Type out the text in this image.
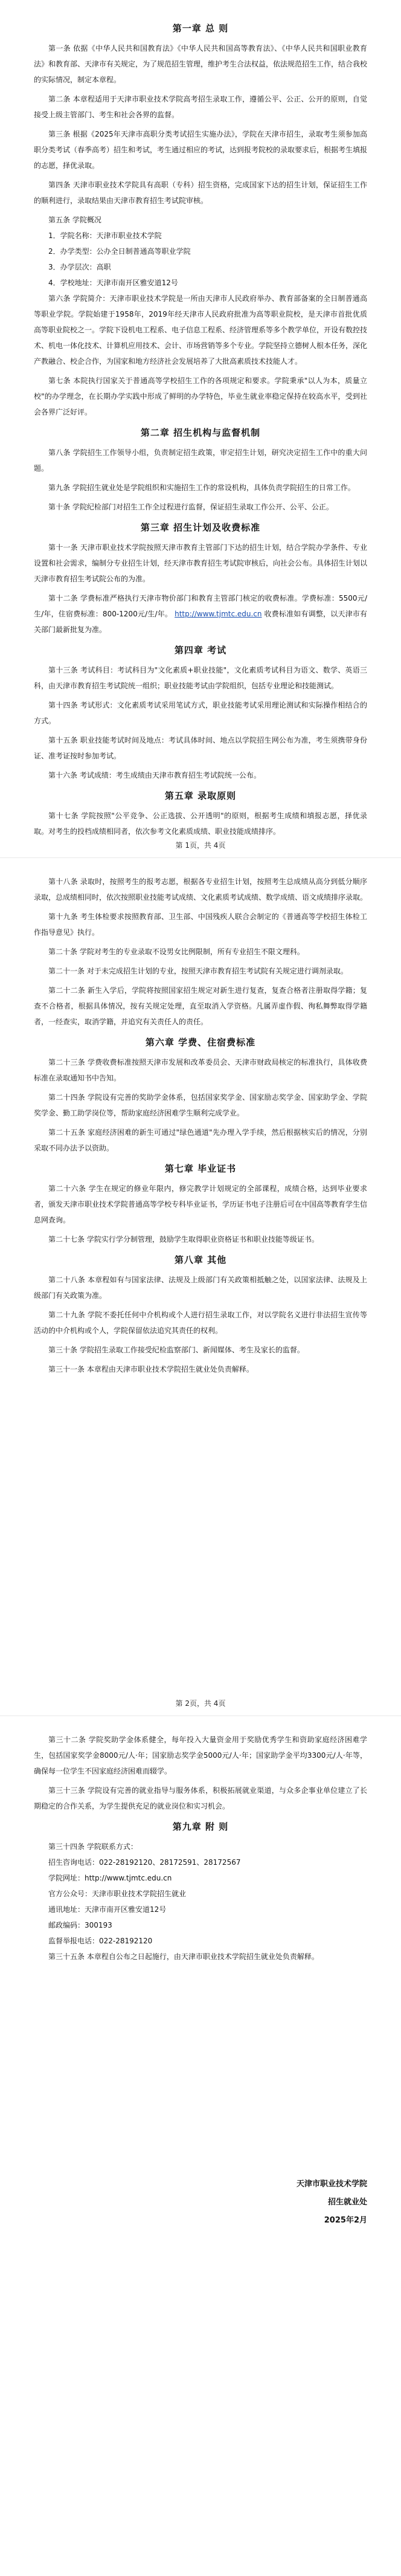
第一章 总 则

第一条 依据《中华人民共和国教育法》《中华人民共和国高等教育法》、《中华人民共和国职业教育法》和教育部、天津市有关规定，为了规范招生管理，维护考生合法权益，依法规范招生工作，结合我校的实际情况，制定本章程。

第二条 本章程适用于天津市职业技术学院高考招生录取工作，遵循公平、公正、公开的原则，自觉接受上级主管部门、考生和社会各界的监督。

第三条 根据《2025年天津市高职分类考试招生实施办法》，学院在天津市招生，录取考生须参加高职分类考试（春季高考）招生和考试，考生通过相应的考试，达到报考院校的录取要求后，根据考生填报的志愿，择优录取。

第四条 天津市职业技术学院具有高职（专科）招生资格，完成国家下达的招生计划，保证招生工作的顺利进行，录取结果由天津市教育招生考试院审核。

第五条 学院概况

1．学院名称：天津市职业技术学院

2．办学类型：公办全日制普通高等职业学院

3．办学层次：高职

4．学校地址：天津市南开区雅安道12号

第六条 学院简介：天津市职业技术学院是一所由天津市人民政府举办、教育部备案的全日制普通高等职业学院。学院始建于1958年，2019年经天津市人民政府批准为高等职业院校，是天津市首批优质高等职业院校之一。学院下设机电工程系、电子信息工程系、经济管理系等多个教学单位，开设有数控技术、机电一体化技术、计算机应用技术、会计、市场营销等多个专业。学院坚持立德树人根本任务，深化产教融合、校企合作，为国家和地方经济社会发展培养了大批高素质技术技能人才。

第七条 本院执行国家关于普通高等学校招生工作的各项规定和要求。学院秉承"以人为本，质量立校"的办学理念，在长期办学实践中形成了鲜明的办学特色，毕业生就业率稳定保持在较高水平，受到社会各界广泛好评。

第二章 招生机构与监督机制

第八条 学院招生工作领导小组，负责制定招生政策，审定招生计划，研究决定招生工作中的重大问题。

第九条 学院招生就业处是学院组织和实施招生工作的常设机构，具体负责学院招生的日常工作。

第十条 学院纪检部门对招生工作全过程进行监督，保证招生录取工作公开、公平、公正。

第三章 招生计划及收费标准

第十一条 天津市职业技术学院按照天津市教育主管部门下达的招生计划，结合学院办学条件、专业设置和社会需求，编制分专业招生计划，经天津市教育招生考试院审核后，向社会公布。具体招生计划以天津市教育招生考试院公布的为准。

第十二条 学费标准严格执行天津市物价部门和教育主管部门核定的收费标准。学费标准：5500元/生/年，住宿费标准：800-1200元/生/年。 http://www.tjmtc.edu.cn 收费标准如有调整，以天津市有关部门最新批复为准。

第四章 考试

第十三条 考试科目：考试科目为"文化素质+职业技能"，文化素质考试科目为语文、数学、英语三科，由天津市教育招生考试院统一组织；职业技能考试由学院组织，包括专业理论和技能测试。

第十四条 考试形式：文化素质考试采用笔试方式，职业技能考试采用理论测试和实际操作相结合的方式。

第十五条 职业技能考试时间及地点：考试具体时间、地点以学院招生网公布为准，考生须携带身份证、准考证按时参加考试。

第十六条 考试成绩：考生成绩由天津市教育招生考试院统一公布。

第五章 录取原则

第十七条 学院按照"公平竞争、公正选拔、公开透明"的原则，根据考生成绩和填报志愿，择优录取。对考生的投档成绩相同者，依次参考文化素质成绩、职业技能成绩排序。

第 1页，共 4页

第十八条 录取时，按照考生的报考志愿，根据各专业招生计划，按照考生总成绩从高分到低分顺序录取，总成绩相同时，依次按照职业技能考试成绩、文化素质考试成绩、数学成绩、语文成绩排序录取。

第十九条 考生体检要求按照教育部、卫生部、中国残疾人联合会制定的《普通高等学校招生体检工作指导意见》执行。

第二十条 学院对考生的专业录取不设男女比例限制，所有专业招生不限文理科。

第二十一条 对于未完成招生计划的专业，按照天津市教育招生考试院有关规定进行调剂录取。

第二十二条 新生入学后，学院将按照国家招生规定对新生进行复查，复查合格者注册取得学籍；复查不合格者，根据具体情况，按有关规定处理，直至取消入学资格。凡属弄虚作假、徇私舞弊取得学籍者，一经查实，取消学籍，并追究有关责任人的责任。

第六章 学费、住宿费标准

第二十三条 学费收费标准按照天津市发展和改革委员会、天津市财政局核定的标准执行，具体收费标准在录取通知书中告知。

第二十四条 学院设有完善的奖助学金体系，包括国家奖学金、国家励志奖学金、国家助学金、学院奖学金、勤工助学岗位等，帮助家庭经济困难学生顺利完成学业。

第二十五条 家庭经济困难的新生可通过"绿色通道"先办理入学手续，然后根据核实后的情况，分别采取不同办法予以资助。

第七章 毕业证书

第二十六条 学生在规定的修业年限内，修完教学计划规定的全部课程，成绩合格，达到毕业要求者，颁发天津市职业技术学院普通高等学校专科毕业证书，学历证书电子注册后可在中国高等教育学生信息网查询。

第二十七条 学院实行学分制管理，鼓励学生取得职业资格证书和职业技能等级证书。

第八章 其他

第二十八条 本章程如有与国家法律、法规及上级部门有关政策相抵触之处，以国家法律、法规及上级部门有关政策为准。

第二十九条 学院不委托任何中介机构或个人进行招生录取工作，对以学院名义进行非法招生宣传等活动的中介机构或个人，学院保留依法追究其责任的权利。

第三十条 学院招生录取工作接受纪检监察部门、新闻媒体、考生及家长的监督。

第三十一条 本章程由天津市职业技术学院招生就业处负责解释。

第 2页，共 4页

第三十二条 学院奖助学金体系健全，每年投入大量资金用于奖励优秀学生和资助家庭经济困难学生，包括国家奖学金8000元/人·年；国家励志奖学金5000元/人·年；国家助学金平均3300元/人·年等，确保每一位学生不因家庭经济困难而辍学。

第三十三条 学院设有完善的就业指导与服务体系，积极拓展就业渠道，与众多企事业单位建立了长期稳定的合作关系，为学生提供充足的就业岗位和实习机会。

第九章 附 则

第三十四条 学院联系方式：

招生咨询电话：022-28192120、28172591、28172567

学院网址：http://www.tjmtc.edu.cn

官方公众号：天津市职业技术学院招生就业

通讯地址：天津市南开区雅安道12号

邮政编码：300193

监督举报电话：022-28192120

第三十五条 本章程自公布之日起施行，由天津市职业技术学院招生就业处负责解释。

天津市职业技术学院
招生就业处
2025年2月
